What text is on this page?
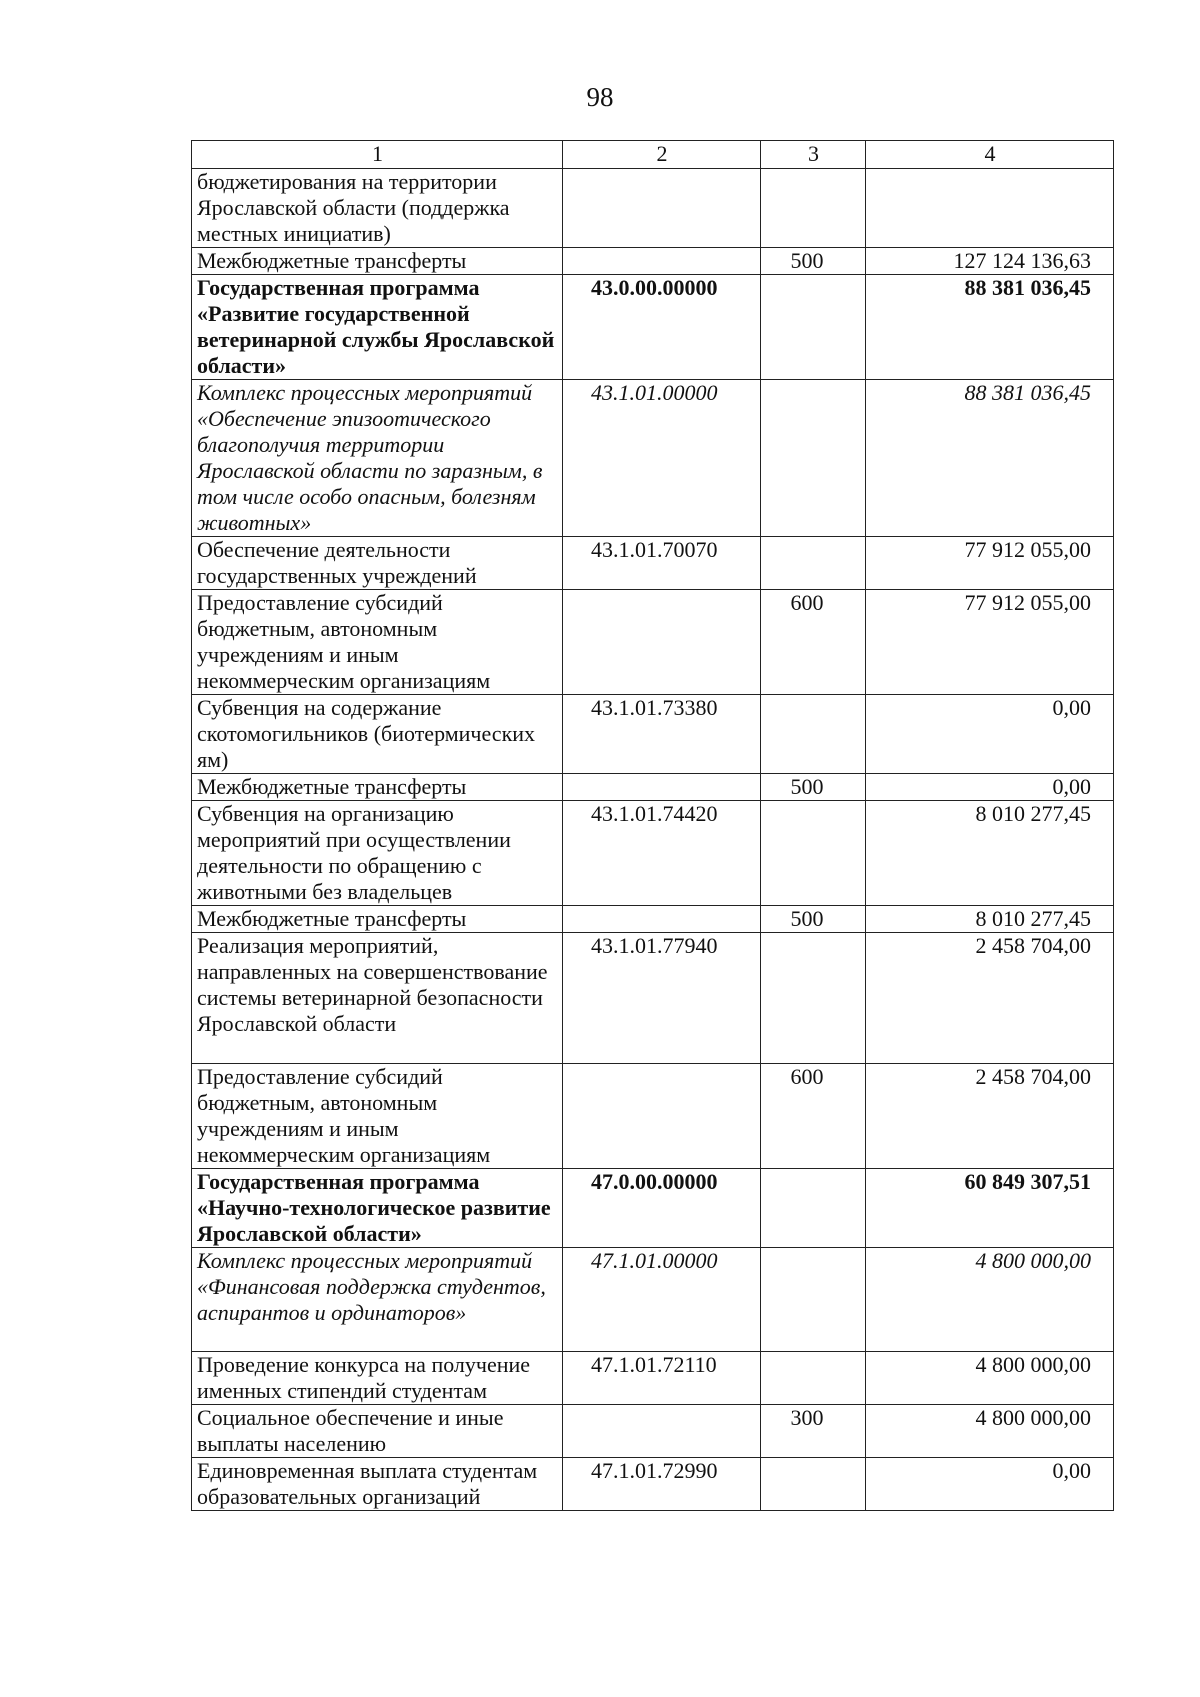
98
1	2	3	4
бюджетирования на территории Ярославской области (поддержка местных инициатив)			
Межбюджетные трансферты		500	127 124 136,63
Государственная программа «Развитие государственной ветеринарной службы Ярославской области»	43.0.00.00000		88 381 036,45
Комплекс процессных мероприятий «Обеспечение эпизоотического благополучия территории Ярославской области по заразным, в том числе особо опасным, болезням животных»	43.1.01.00000		88 381 036,45
Обеспечение деятельности государственных учреждений	43.1.01.70070		77 912 055,00
Предоставление субсидий бюджетным, автономным учреждениям и иным некоммерческим организациям		600	77 912 055,00
Субвенция на содержание скотомогильников (биотермических ям)	43.1.01.73380		0,00
Межбюджетные трансферты		500	0,00
Субвенция на организацию мероприятий при осуществлении деятельности по обращению с животными без владельцев	43.1.01.74420		8 010 277,45
Межбюджетные трансферты		500	8 010 277,45
Реализация мероприятий, направленных на совершенствование системы ветеринарной безопасности Ярославской области	43.1.01.77940		2 458 704,00
Предоставление субсидий бюджетным, автономным учреждениям и иным некоммерческим организациям		600	2 458 704,00
Государственная программа «Научно-технологическое развитие Ярославской области»	47.0.00.00000		60 849 307,51
Комплекс процессных мероприятий «Финансовая поддержка студентов, аспирантов и ординаторов»	47.1.01.00000		4 800 000,00
Проведение конкурса на получение именных стипендий студентам	47.1.01.72110		4 800 000,00
Социальное обеспечение и иные выплаты населению		300	4 800 000,00
Единовременная выплата студентам образовательных организаций	47.1.01.72990		0,00
